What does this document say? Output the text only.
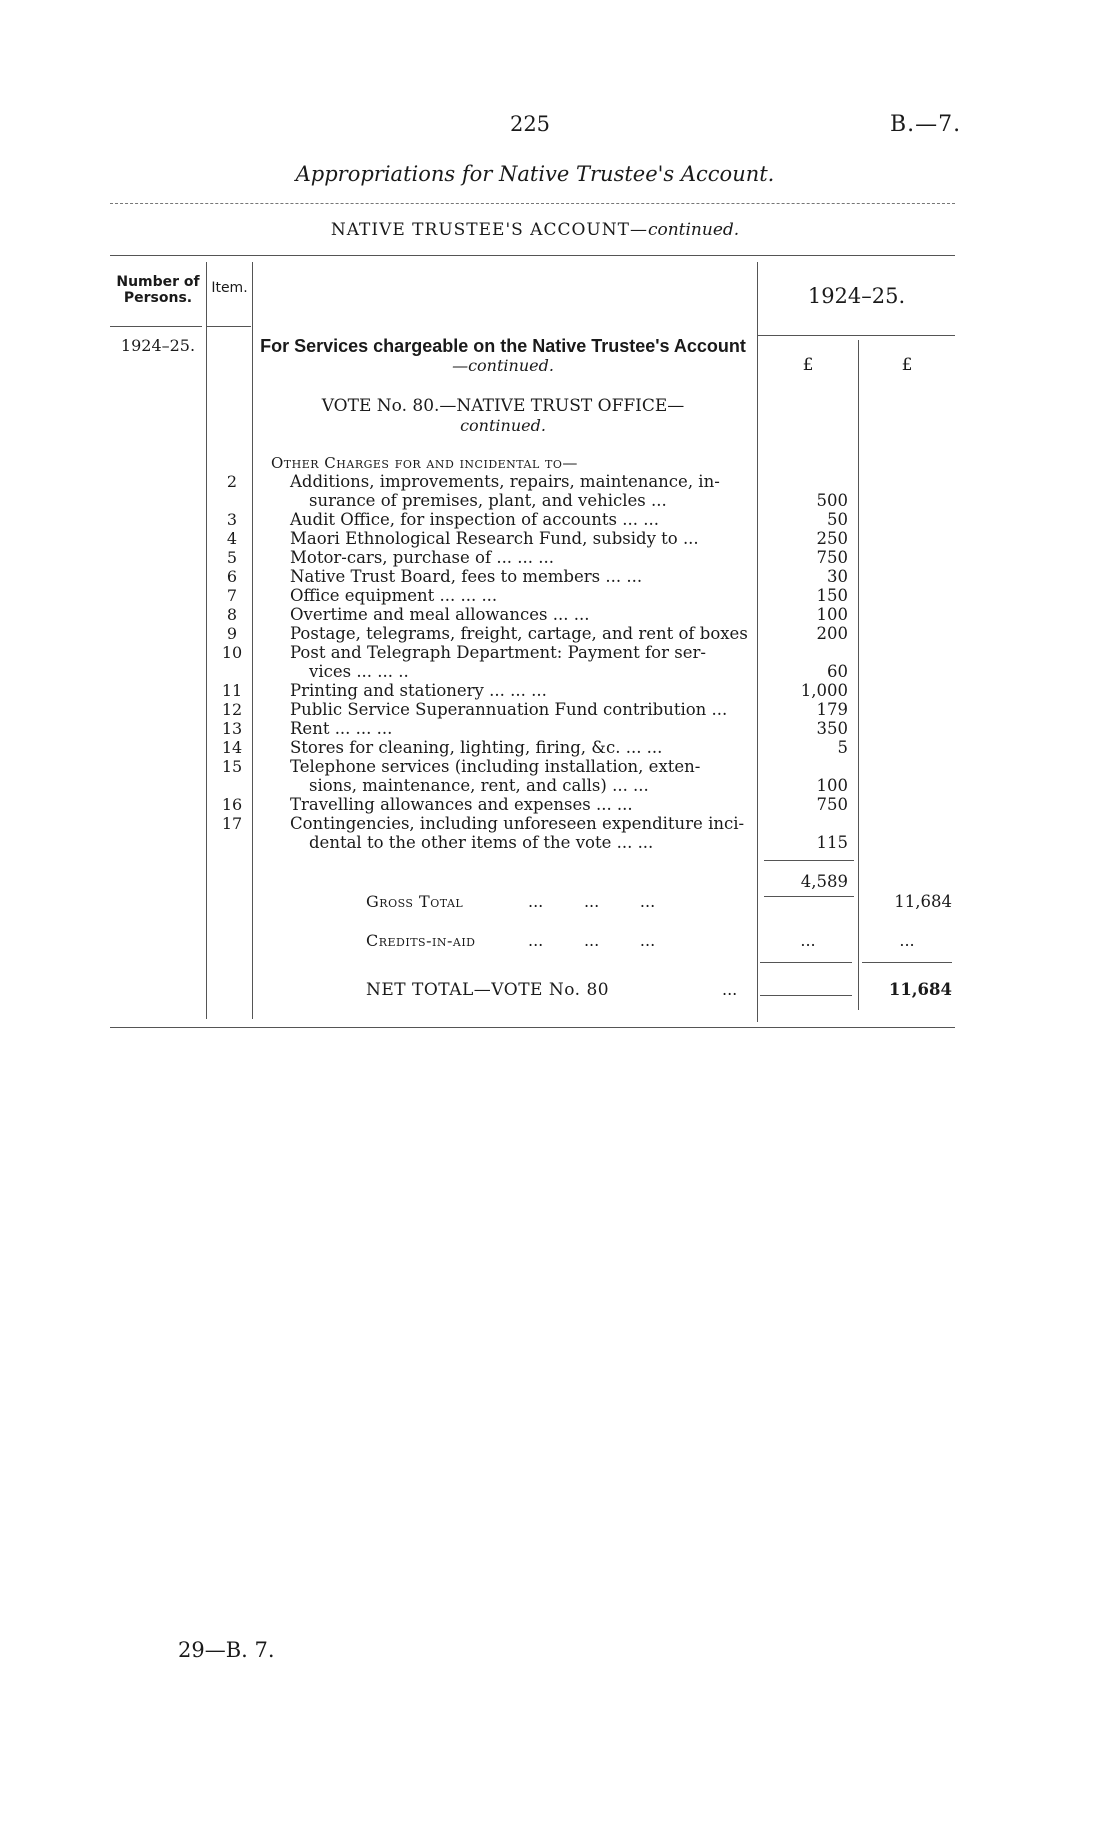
225	B.—7.
Appropriations for Native Trustee's Account.
NATIVE TRUSTEE'S ACCOUNT—continued.
Number of Persons.
Item.	1924–25.
1924–25.
£	£
For Services chargeable on the Native Trustee's Account
—continued.
VOTE No. 80.—NATIVE TRUST OFFICE—
continued.
Other Charges for and incidental to—
2	Additions, improvements, repairs, maintenance, in-
surance of premises, plant, and vehicles ...	500
3	Audit Office, for inspection of accounts ... ...	50
4	Maori Ethnological Research Fund, subsidy to ...	250
5	Motor-cars, purchase of ... ... ...	750
6	Native Trust Board, fees to members ... ...	30
7	Office equipment ... ... ...	150
8	Overtime and meal allowances ... ...	100
9	Postage, telegrams, freight, cartage, and rent of boxes	200
10	Post and Telegraph Department: Payment for ser-
vices ... ... ..	60
11	Printing and stationery ... ... ...	1,000
12	Public Service Superannuation Fund contribution ...	179
13	Rent ... ... ...	350
14	Stores for cleaning, lighting, firing, &c. ... ...	5
15	Telephone services (including installation, exten-
sions, maintenance, rent, and calls) ... ...	100
16	Travelling allowances and expenses ... ...	750
17	Contingencies, including unforeseen expenditure inci-
dental to the other items of the vote ... ...	115
4,589
Gross Total	...        ...        ...	11,684
Credits-in-aid	...        ...        ...	...	...
NET TOTAL—VOTE No. 80	...	11,684
29—B. 7.
